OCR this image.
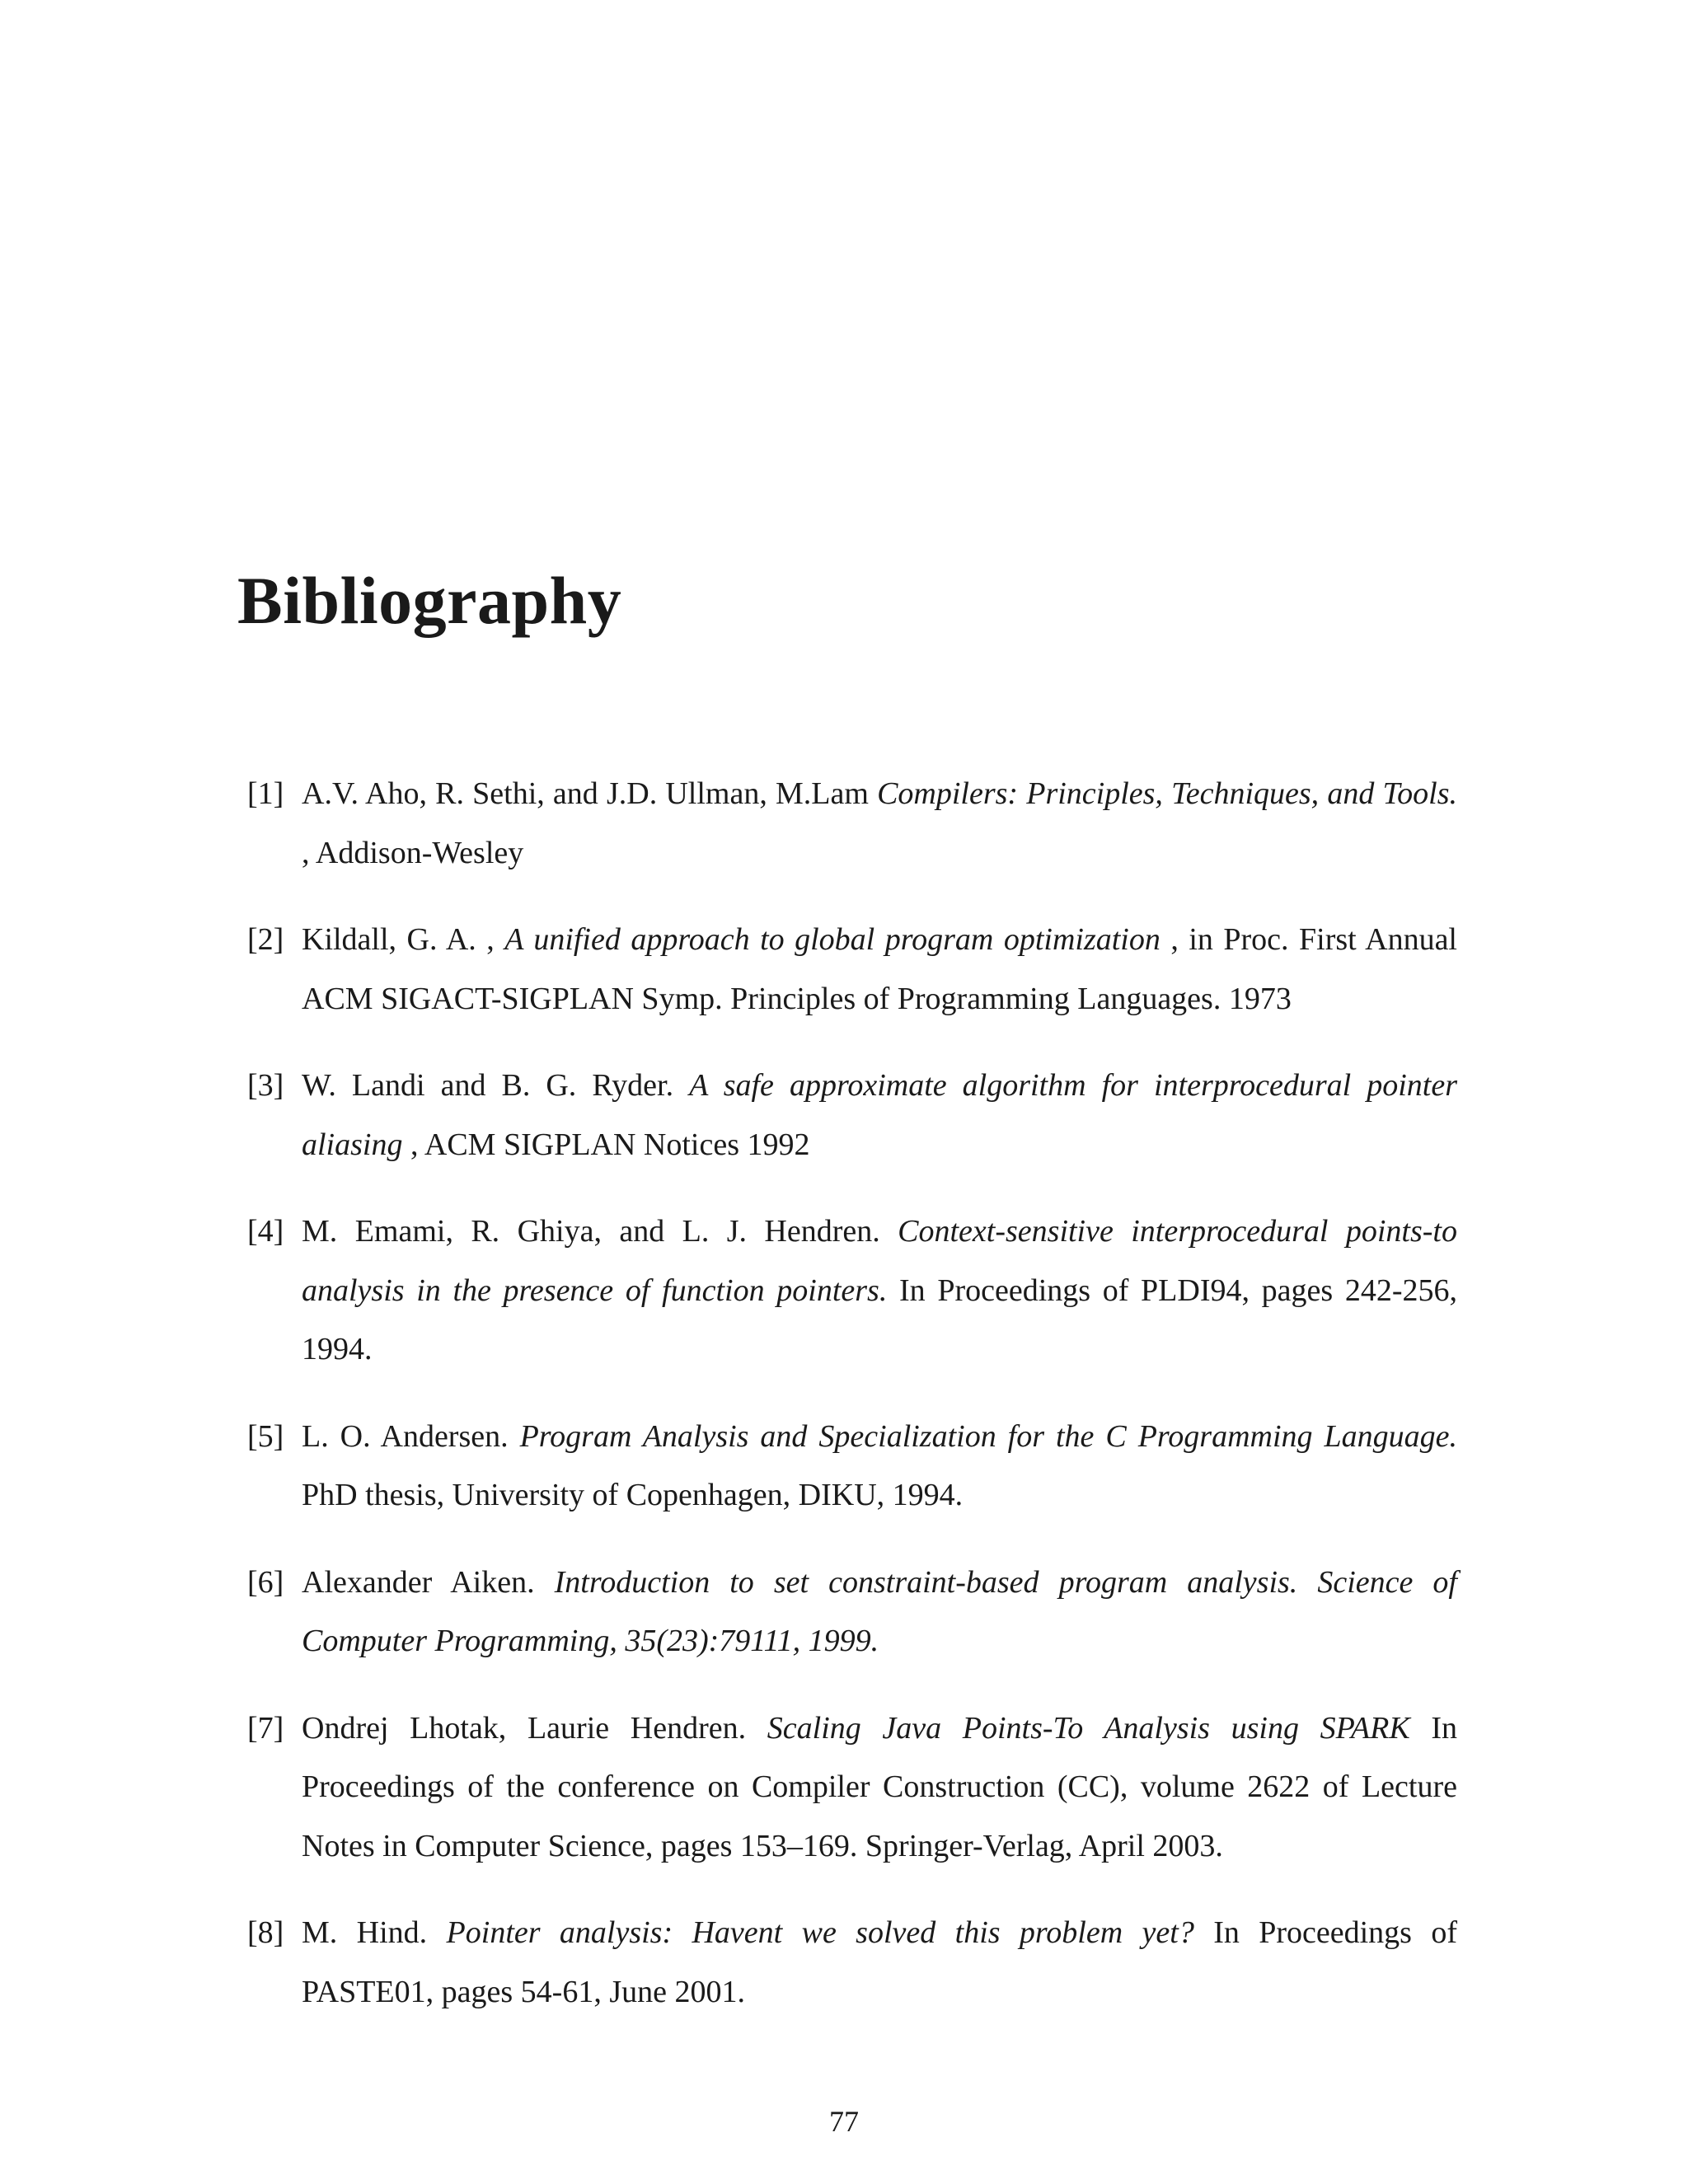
Bibliography
[1] A.V. Aho, R. Sethi, and J.D. Ullman, M.Lam Compilers: Principles, Techniques, and Tools. , Addison-Wesley
[2] Kildall, G. A. , A unified approach to global program optimization , in Proc. First Annual ACM SIGACT-SIGPLAN Symp. Principles of Programming Languages. 1973
[3] W. Landi and B. G. Ryder. A safe approximate algorithm for interprocedural pointer aliasing , ACM SIGPLAN Notices 1992
[4] M. Emami, R. Ghiya, and L. J. Hendren. Context-sensitive interprocedural points-to analysis in the presence of function pointers. In Proceedings of PLDI94, pages 242-256, 1994.
[5] L. O. Andersen. Program Analysis and Specialization for the C Programming Language. PhD thesis, University of Copenhagen, DIKU, 1994.
[6] Alexander Aiken. Introduction to set constraint-based program analysis. Science of Computer Programming, 35(23):79111, 1999.
[7] Ondrej Lhotak, Laurie Hendren. Scaling Java Points-To Analysis using SPARK In Proceedings of the conference on Compiler Construction (CC), volume 2622 of Lecture Notes in Computer Science, pages 153–169. Springer-Verlag, April 2003.
[8] M. Hind. Pointer analysis: Havent we solved this problem yet? In Proceedings of PASTE01, pages 54-61, June 2001.
77
